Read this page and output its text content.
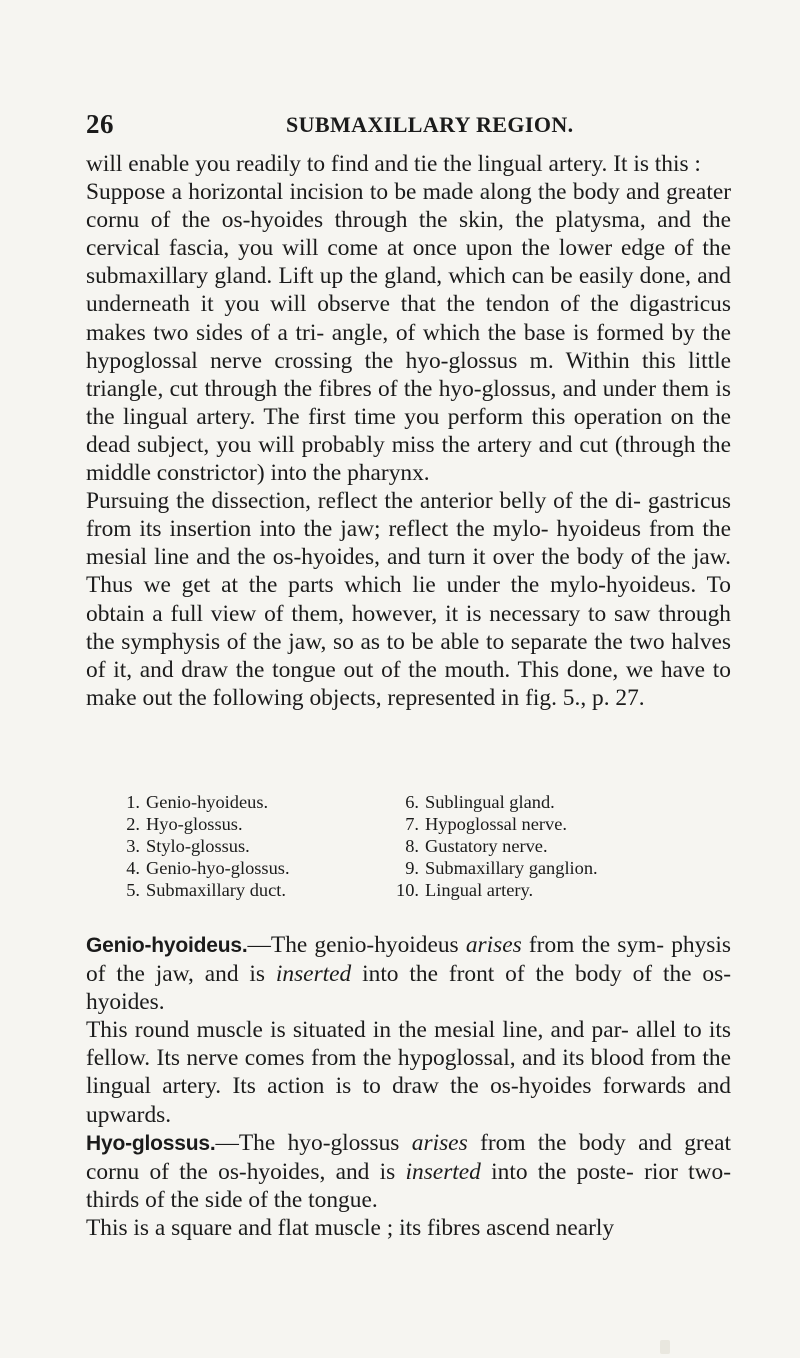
26	SUBMAXILLARY REGION.

will enable you readily to find and tie the lingual artery. It is this :

Suppose a horizontal incision to be made along the body and greater cornu of the os-hyoides through the skin, the platysma, and the cervical fascia, you will come at once upon the lower edge of the submaxillary gland. Lift up the gland, which can be easily done, and underneath it you will observe that the tendon of the digastricus makes two sides of a tri- angle, of which the base is formed by the hypoglossal nerve crossing the hyo-glossus m. Within this little triangle, cut through the fibres of the hyo-glossus, and under them is the lingual artery. The first time you perform this operation on the dead subject, you will probably miss the artery and cut (through the middle constrictor) into the pharynx.

Pursuing the dissection, reflect the anterior belly of the di- gastricus from its insertion into the jaw; reflect the mylo- hyoideus from the mesial line and the os-hyoides, and turn it over the body of the jaw. Thus we get at the parts which lie under the mylo-hyoideus. To obtain a full view of them, however, it is necessary to saw through the symphysis of the jaw, so as to be able to separate the two halves of it, and draw the tongue out of the mouth. This done, we have to make out the following objects, represented in fig. 5., p. 27.

1. Genio-hyoideus.
2. Hyo-glossus.
3. Stylo-glossus.
4. Genio-hyo-glossus.
5. Submaxillary duct.
6. Sublingual gland.
7. Hypoglossal nerve.
8. Gustatory nerve.
9. Submaxillary ganglion.
10. Lingual artery.

Genio-hyoideus.—The genio-hyoideus arises from the sym- physis of the jaw, and is inserted into the front of the body of the os-hyoides.

This round muscle is situated in the mesial line, and par- allel to its fellow. Its nerve comes from the hypoglossal, and its blood from the lingual artery. Its action is to draw the os-hyoides forwards and upwards.

Hyo-glossus.—The hyo-glossus arises from the body and great cornu of the os-hyoides, and is inserted into the poste- rior two-thirds of the side of the tongue.

This is a square and flat muscle ; its fibres ascend nearly
